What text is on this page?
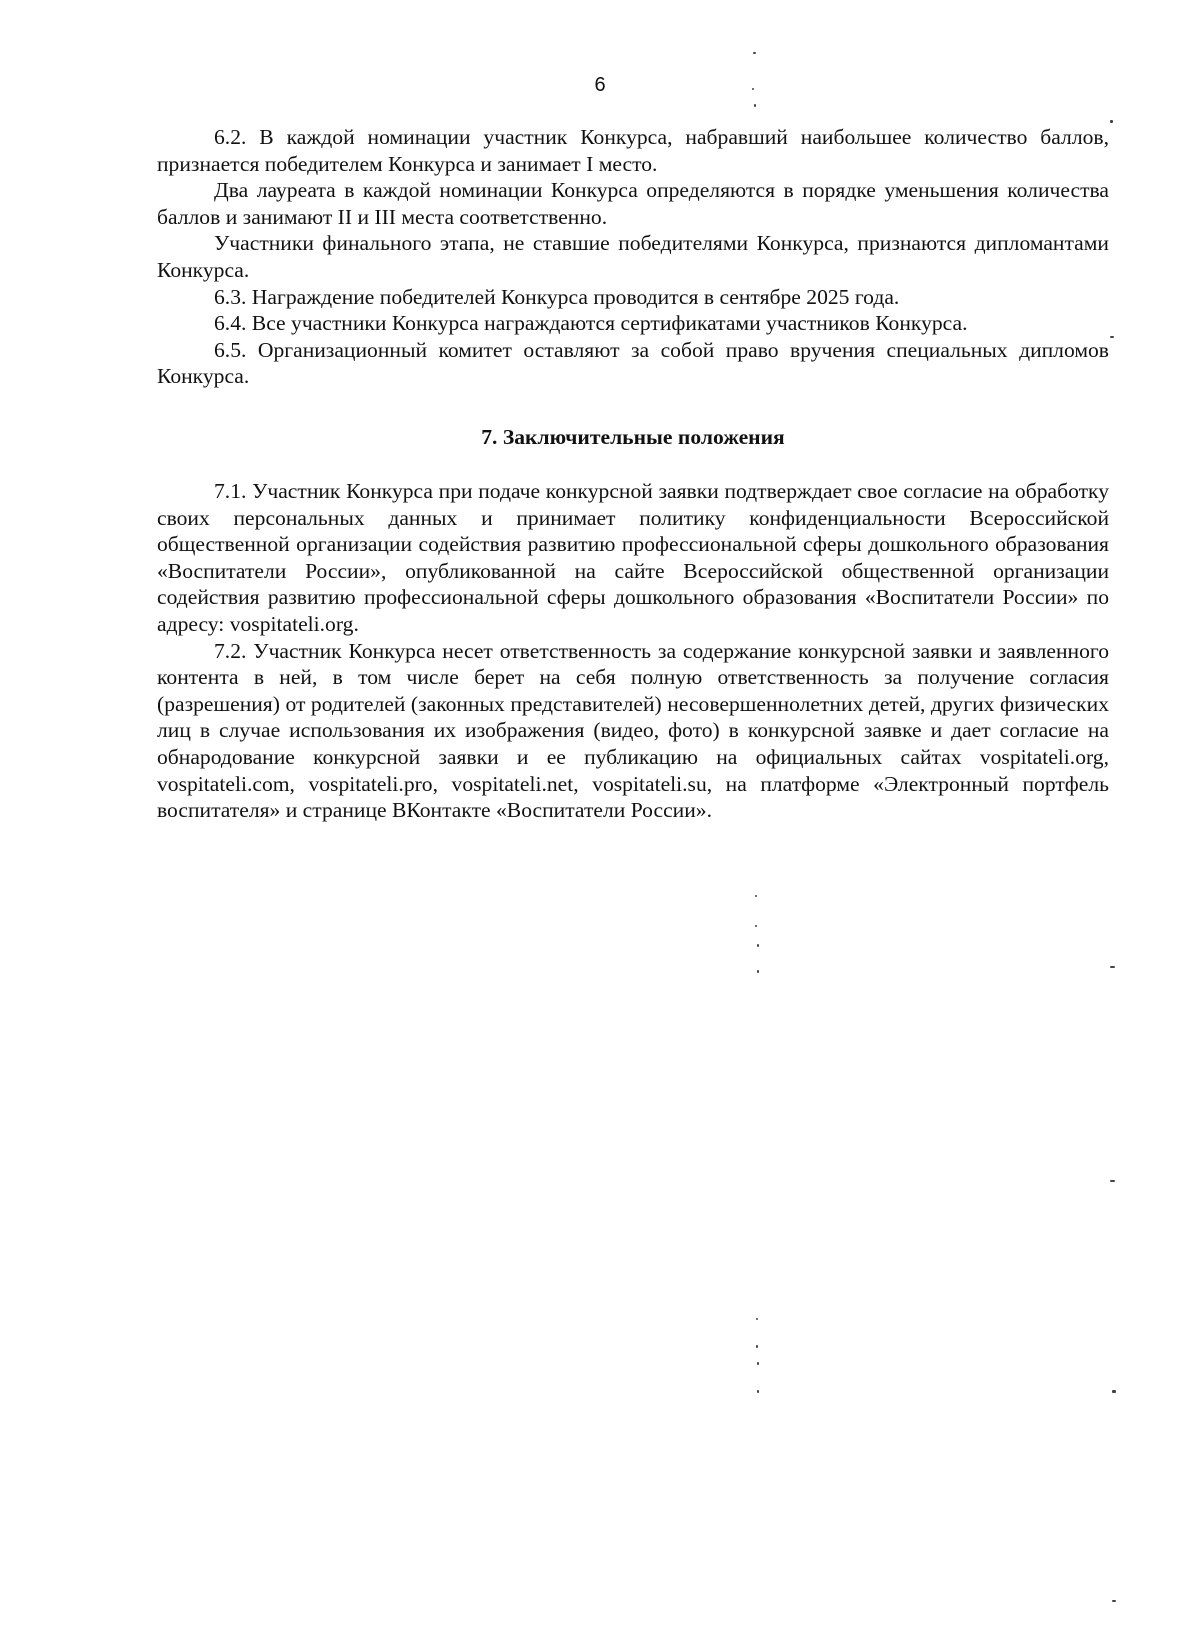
6

6.2. В каждой номинации участник Конкурса, набравший наибольшее количество баллов, признается победителем Конкурса и занимает I место.

Два лауреата в каждой номинации Конкурса определяются в порядке уменьшения количества баллов и занимают II и III места соответственно.

Участники финального этапа, не ставшие победителями Конкурса, признаются дипломантами Конкурса.

6.3. Награждение победителей Конкурса проводится в сентябре 2025 года.

6.4. Все участники Конкурса награждаются сертификатами участников Конкурса.

6.5. Организационный комитет оставляют за собой право вручения специальных дипломов Конкурса.

7. Заключительные положения

7.1. Участник Конкурса при подаче конкурсной заявки подтверждает свое согласие на обработку своих персональных данных и принимает политику конфиденциальности Всероссийской общественной организации содействия развитию профессиональной сферы дошкольного образования «Воспитатели России», опубликованной на сайте Всероссийской общественной организации содействия развитию профессиональной сферы дошкольного образования «Воспитатели России» по адресу: vospitateli.org.

7.2. Участник Конкурса несет ответственность за содержание конкурсной заявки и заявленного контента в ней, в том числе берет на себя полную ответственность за получение согласия (разрешения) от родителей (законных представителей) несовершеннолетних детей, других физических лиц в случае использования их изображения (видео, фото) в конкурсной заявке и дает согласие на обнародование конкурсной заявки и ее публикацию на официальных сайтах vospitateli.org, vospitateli.com, vospitateli.pro, vospitateli.net, vospitateli.su, на платформе «Электронный портфель воспитателя» и странице ВКонтакте «Воспитатели России».
